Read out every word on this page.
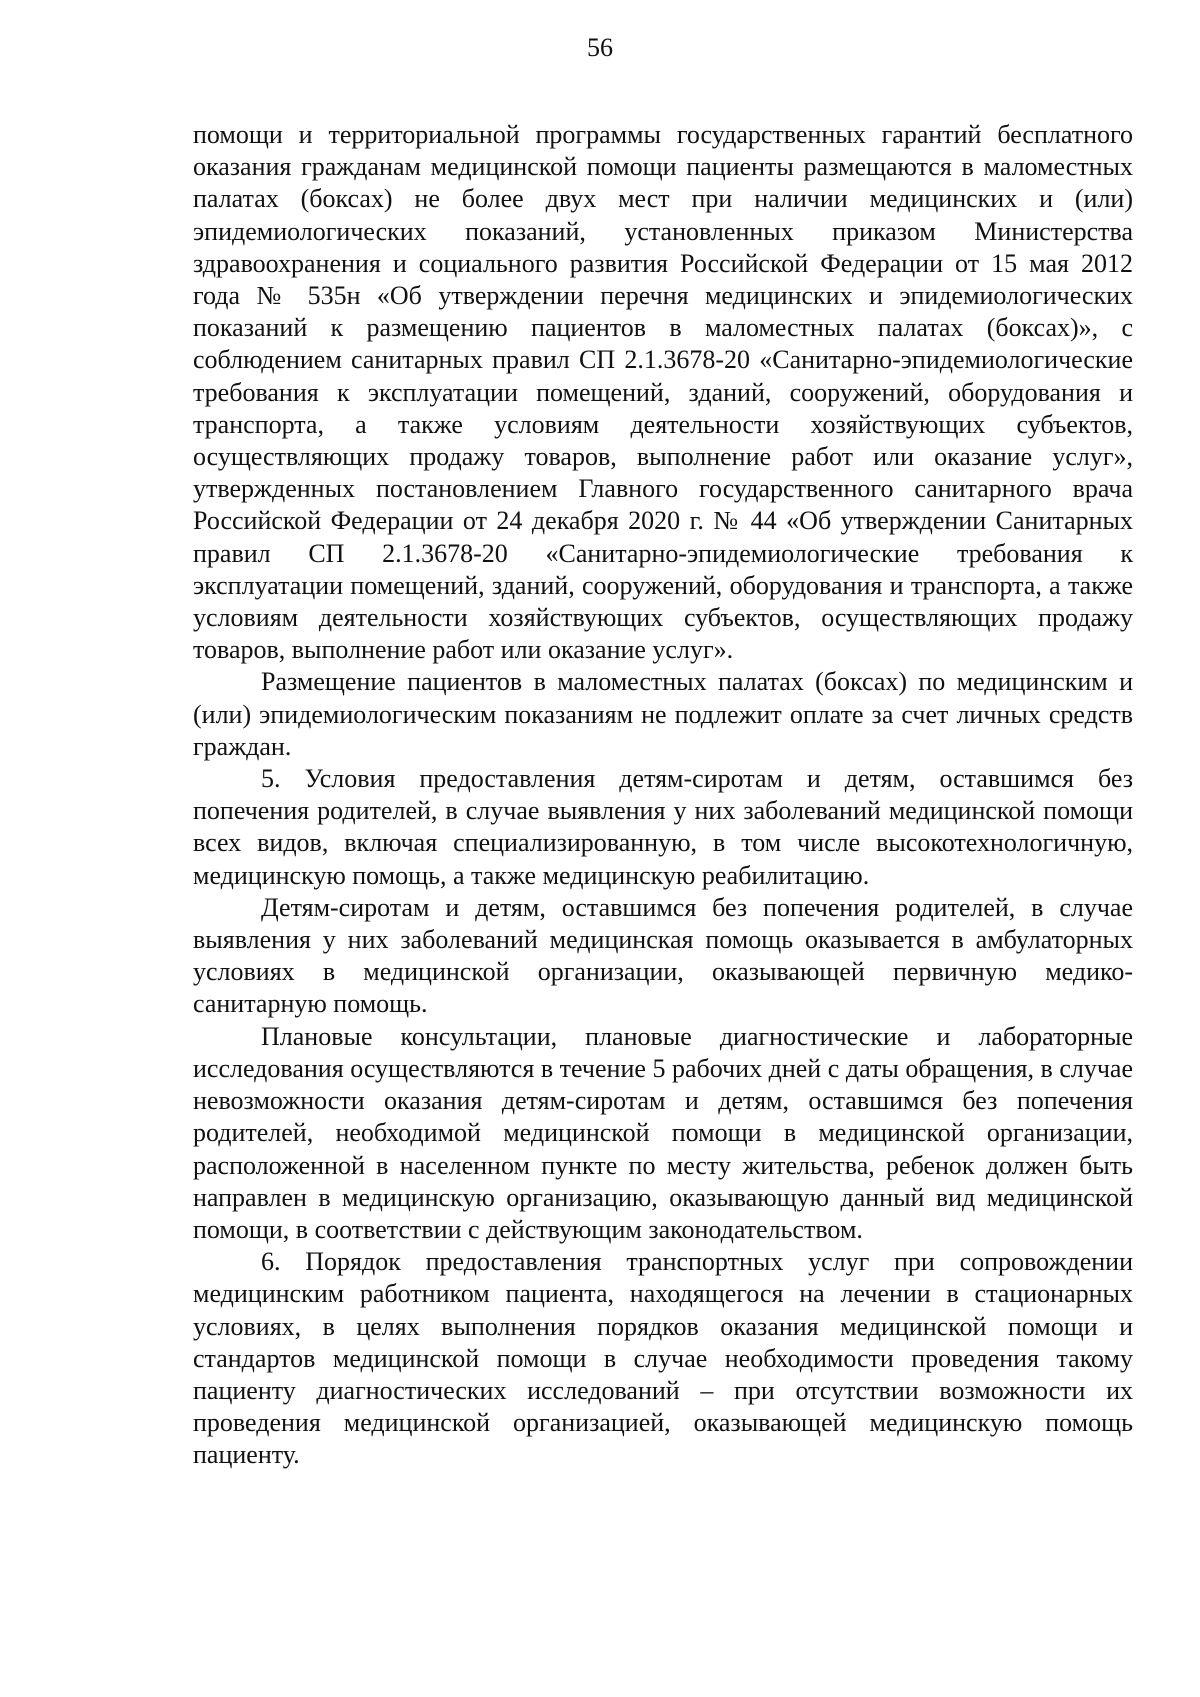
56

помощи и территориальной программы государственных гарантий бесплатного оказания гражданам медицинской помощи пациенты размещаются в маломестных палатах (боксах) не более двух мест при наличии медицинских и (или) эпидемиологических показаний, установленных приказом Министерства здравоохранения и социального развития Российской Федерации от 15 мая 2012 года № 535н «Об утверждении перечня медицинских и эпидемиологических показаний к размещению пациентов в маломестных палатах (боксах)», с соблюдением санитарных правил СП 2.1.3678-20 «Санитарно-эпидемиологические требования к эксплуатации помещений, зданий, сооружений, оборудования и транспорта, а также условиям деятельности хозяйствующих субъектов, осуществляющих продажу товаров, выполнение работ или оказание услуг», утвержденных постановлением Главного государственного санитарного врача Российской Федерации от 24 декабря 2020 г. № 44 «Об утверждении Санитарных правил СП 2.1.3678-20 «Санитарно-эпидемиологические требования к эксплуатации помещений, зданий, сооружений, оборудования и транспорта, а также условиям деятельности хозяйствующих субъектов, осуществляющих продажу товаров, выполнение работ или оказание услуг».

Размещение пациентов в маломестных палатах (боксах) по медицинским и (или) эпидемиологическим показаниям не подлежит оплате за счет личных средств граждан.

5. Условия предоставления детям-сиротам и детям, оставшимся без попечения родителей, в случае выявления у них заболеваний медицинской помощи всех видов, включая специализированную, в том числе высокотехнологичную, медицинскую помощь, а также медицинскую реабилитацию.

Детям-сиротам и детям, оставшимся без попечения родителей, в случае выявления у них заболеваний медицинская помощь оказывается в амбулаторных условиях в медицинской организации, оказывающей первичную медико-санитарную помощь.

Плановые консультации, плановые диагностические и лабораторные исследования осуществляются в течение 5 рабочих дней с даты обращения, в случае невозможности оказания детям-сиротам и детям, оставшимся без попечения родителей, необходимой медицинской помощи в медицинской организации, расположенной в населенном пункте по месту жительства, ребенок должен быть направлен в медицинскую организацию, оказывающую данный вид медицинской помощи, в соответствии с действующим законодательством.

6. Порядок предоставления транспортных услуг при сопровождении медицинским работником пациента, находящегося на лечении в стационарных условиях, в целях выполнения порядков оказания медицинской помощи и стандартов медицинской помощи в случае необходимости проведения такому пациенту диагностических исследований – при отсутствии возможности их проведения медицинской организацией, оказывающей медицинскую помощь пациенту.
